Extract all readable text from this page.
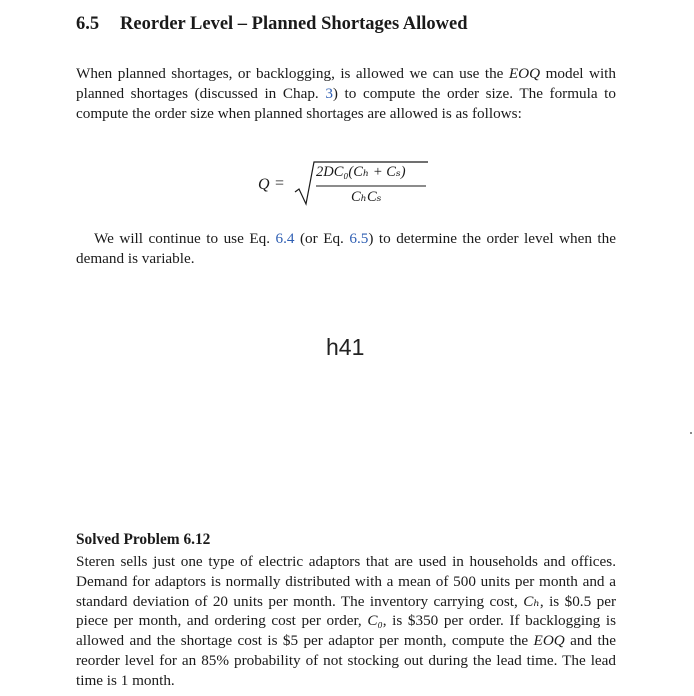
6.5 Reorder Level – Planned Shortages Allowed
When planned shortages, or backlogging, is allowed we can use the EOQ model with planned shortages (discussed in Chap. 3) to compute the order size. The formula to compute the order size when planned shortages are allowed is as follows:
Q =
2DC₀(Cₕ + Cₛ)
CₕCₛ
We will continue to use Eq. 6.4 (or Eq. 6.5) to determine the order level when the demand is variable.
h41
Solved Problem 6.12
Steren sells just one type of electric adaptors that are used in households and offices. Demand for adaptors is normally distributed with a mean of 500 units per month and a standard deviation of 20 units per month. The inventory carrying cost, Cₕ, is $0.5 per piece per month, and ordering cost per order, C₀, is $350 per order. If backlogging is allowed and the shortage cost is $5 per adaptor per month, compute the EOQ and the reorder level for an 85% probability of not stocking out during the lead time. The lead time is 1 month.
